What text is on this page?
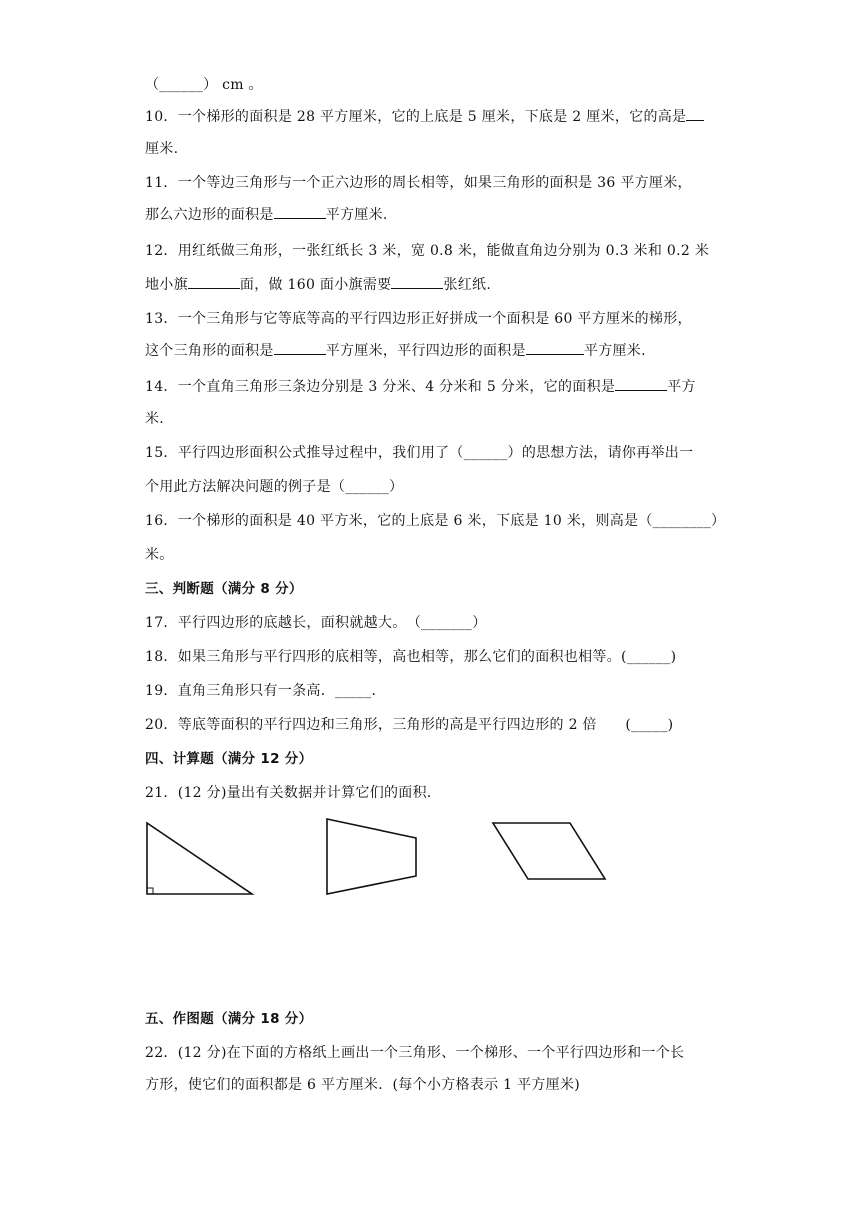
（______） cm 。
10．一个梯形的面积是 28 平方厘米，它的上底是 5 厘米，下底是 2 厘米，它的高是
厘米.
11．一个等边三角形与一个正六边形的周长相等，如果三角形的面积是 36 平方厘米，
那么六边形的面积是	平方厘米.
12．用红纸做三角形，一张红纸长 3 米，宽 0.8 米，能做直角边分别为 0.3 米和 0.2 米
地小旗	面，做 160 面小旗需要	张红纸.
13．一个三角形与它等底等高的平行四边形正好拼成一个面积是 60 平方厘米的梯形，
这个三角形的面积是	平方厘米，平行四边形的面积是	平方厘米.
14．一个直角三角形三条边分别是 3 分米、4 分米和 5 分米，它的面积是	平方
米.
15．平行四边形面积公式推导过程中，我们用了（______）的思想方法，请你再举出一
个用此方法解决问题的例子是（______）
16．一个梯形的面积是 40 平方米，它的上底是 6 米，下底是 10 米，则高是（________）
米。
三、判断题（满分 8 分）
17．平行四边形的底越长，面积就越大。　（_______）
18．如果三角形与平行四形的底相等，高也相等，那么它们的面积也相等。(______)
19．直角三角形只有一条高．_____．
20．等底等面积的平行四边和三角形，三角形的高是平行四边形的 2 倍　　(_____)
四、计算题（满分 12 分）
21．(12 分)量出有关数据并计算它们的面积．
五、作图题（满分 18 分）
22．(12 分)在下面的方格纸上画出一个三角形、一个梯形、一个平行四边形和一个长
方形，使它们的面积都是 6 平方厘米．(每个小方格表示 1 平方厘米)
